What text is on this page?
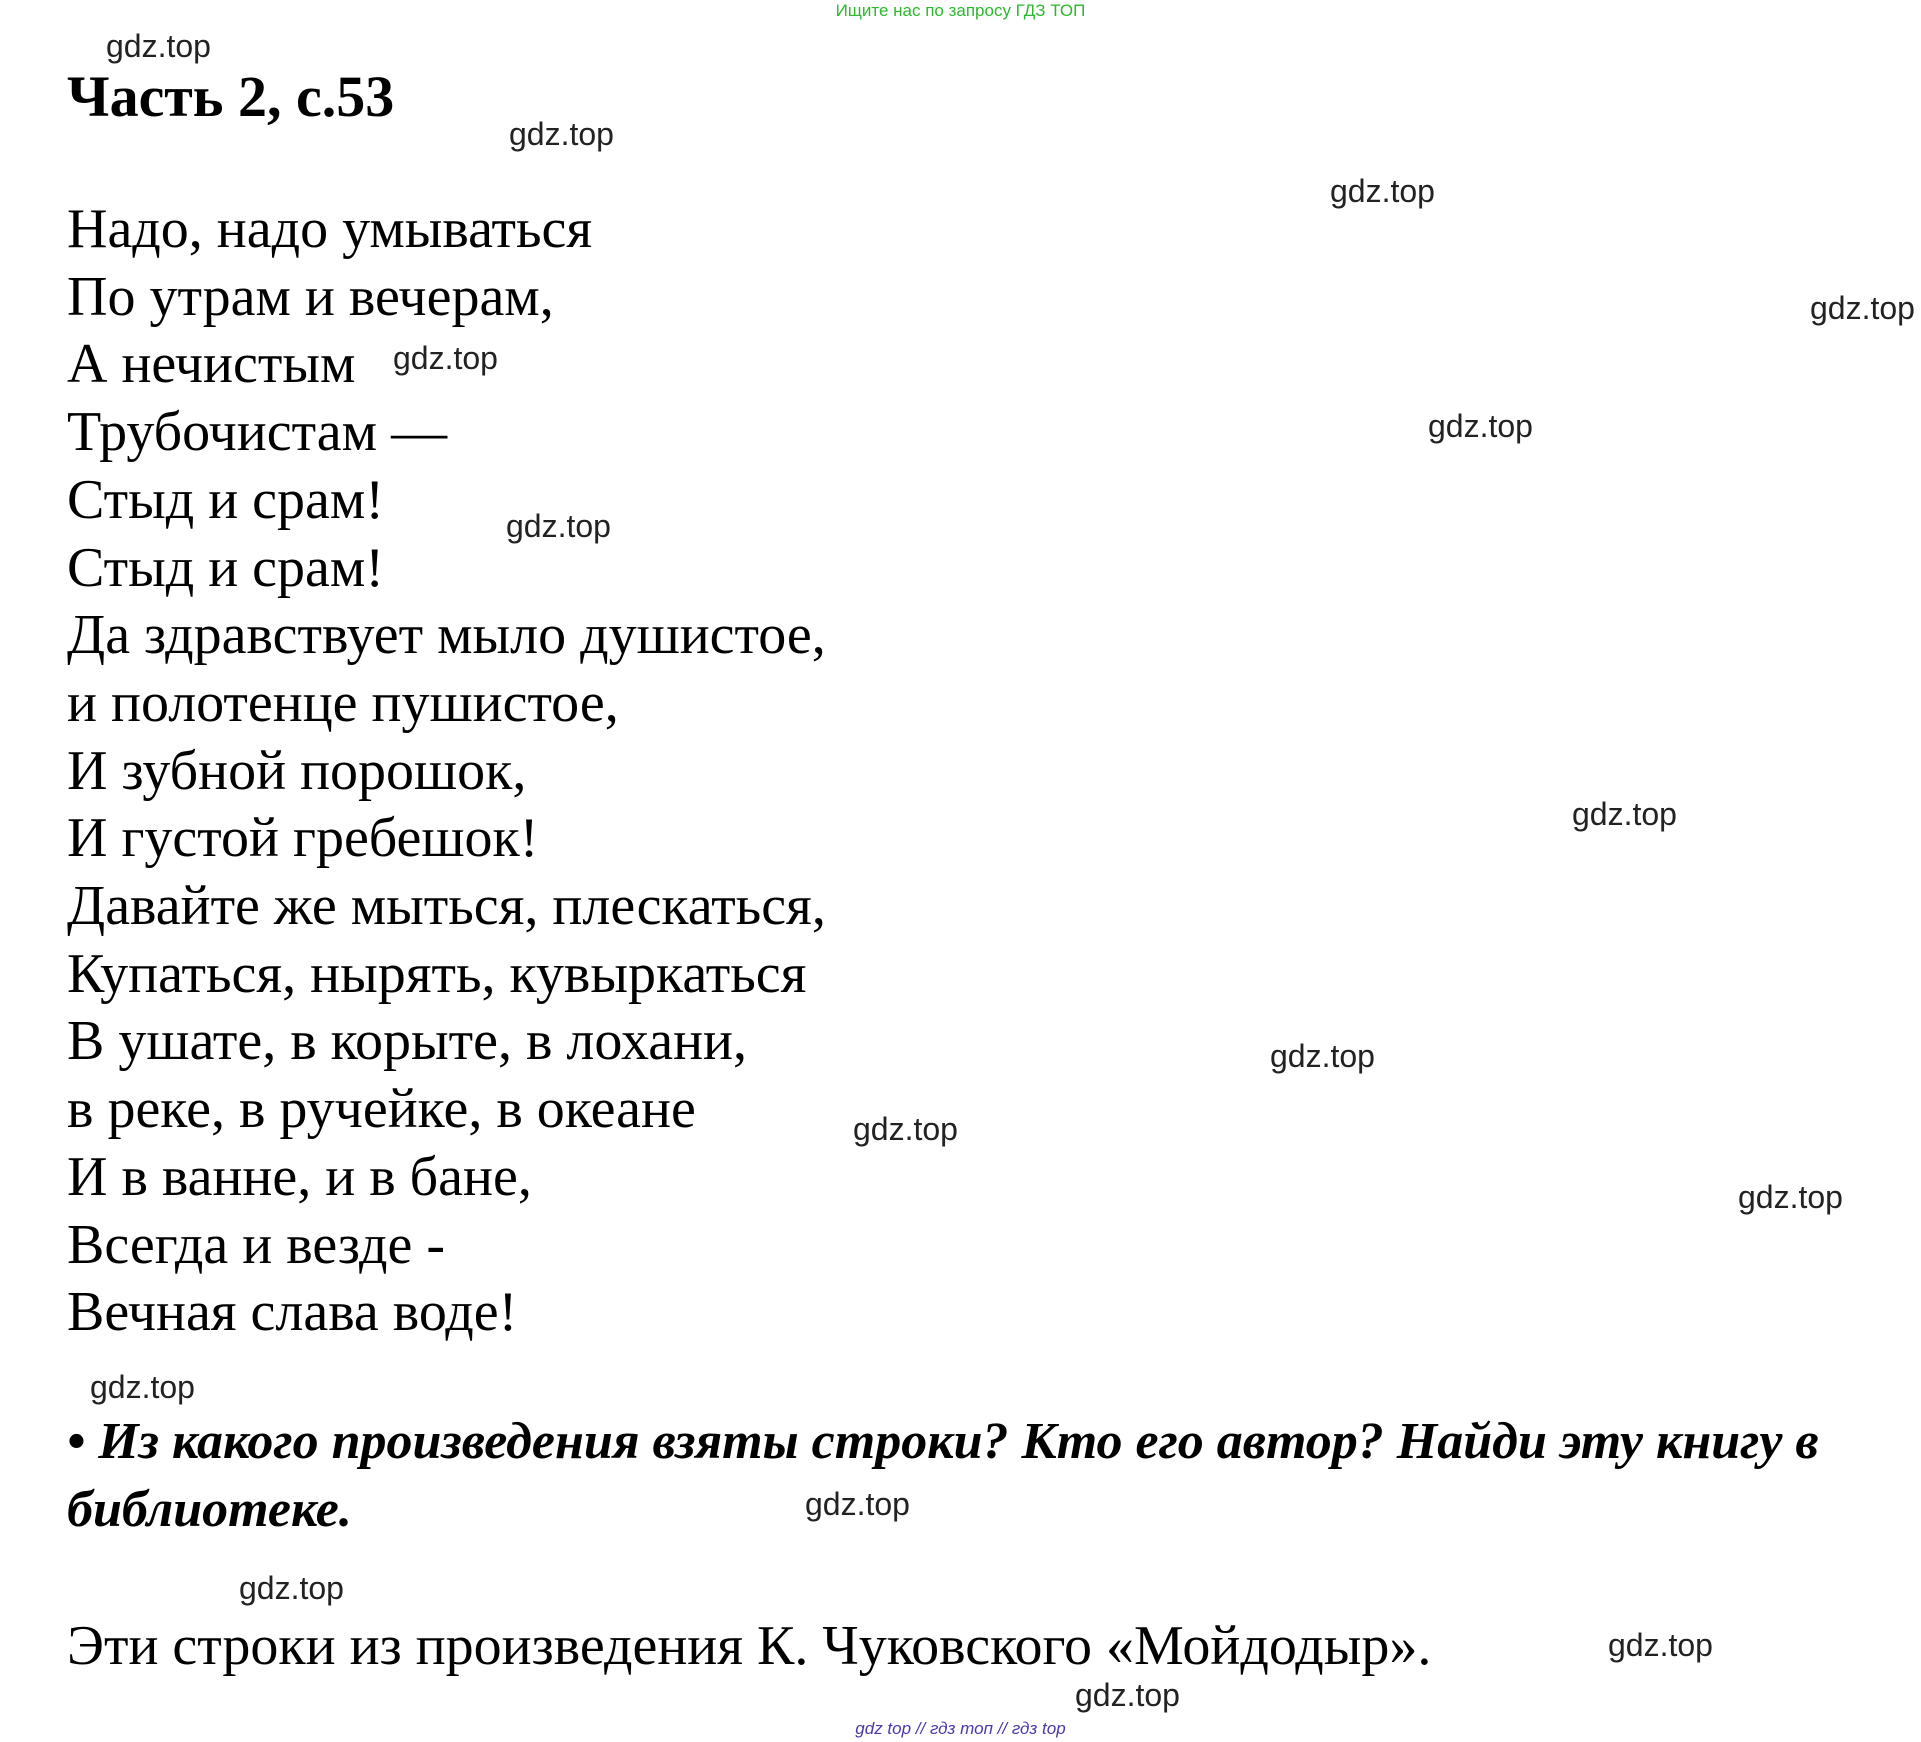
Ищите нас по запросу ГДЗ ТОП
Часть 2, с.53
Надо, надо умываться
По утрам и вечерам,
А нечистым
Трубочистам —
Стыд и срам!
Стыд и срам!
Да здравствует мыло душистое,
и полотенце пушистое,
И зубной порошок,
И густой гребешок!
Давайте же мыться, плескаться,
Купаться, нырять, кувыркаться
В ушате, в корыте, в лохани,
в реке, в ручейке, в океане
И в ванне, и в бане,
Всегда и везде -
Вечная слава воде!

• Из какого произведения взяты строки? Кто его автор? Найди эту книгу в библиотеке.

Эти строки из произведения К. Чуковского «Мойдодыр».

gdz.top
gdz.top
gdz.top
gdz.top
gdz.top
gdz.top
gdz.top
gdz.top
gdz.top
gdz.top
gdz.top
gdz.top
gdz.top
gdz.top
gdz.top
gdz.top
gdz top // гдз топ // гдз top
